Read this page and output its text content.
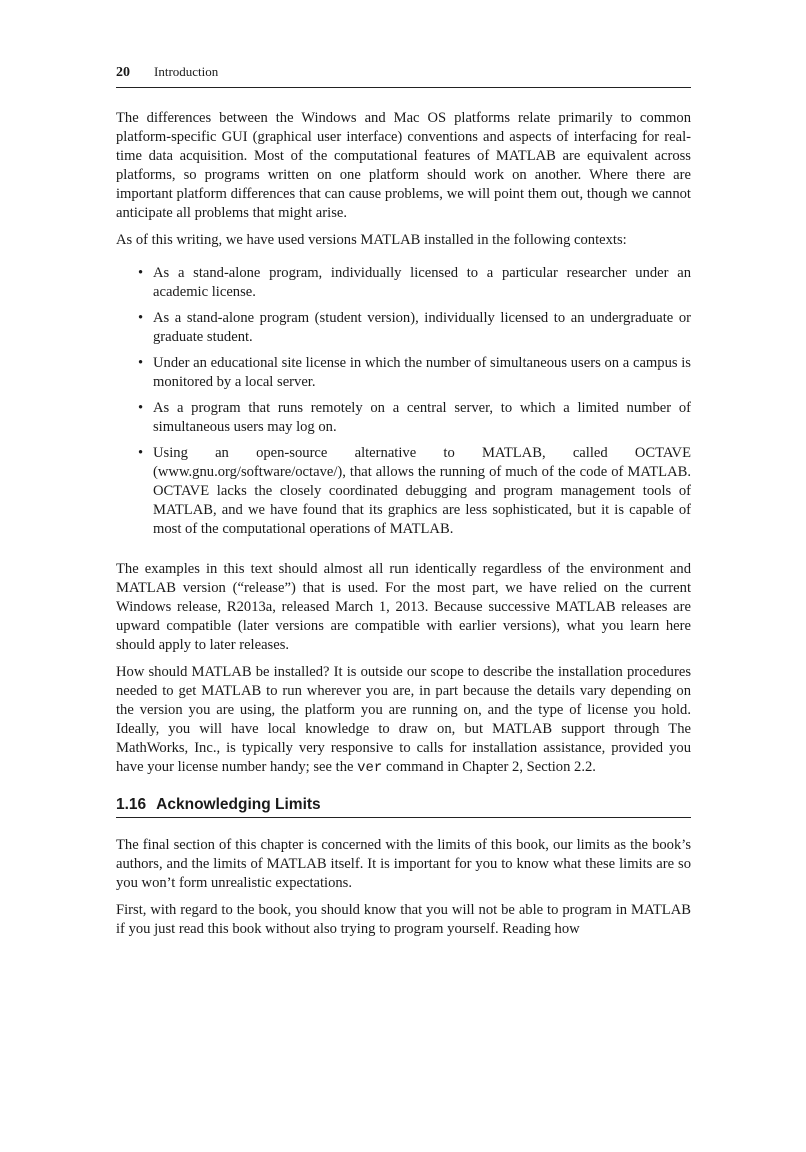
20 Introduction

The differences between the Windows and Mac OS platforms relate primarily to common platform-specific GUI (graphical user interface) conventions and aspects of interfacing for real-time data acquisition. Most of the computational features of MATLAB are equivalent across platforms, so programs written on one platform should work on another. Where there are important platform differences that can cause problems, we will point them out, though we cannot anticipate all problems that might arise.

As of this writing, we have used versions MATLAB installed in the following contexts:

• As a stand-alone program, individually licensed to a particular researcher under an academic license.
• As a stand-alone program (student version), individually licensed to an undergraduate or graduate student.
• Under an educational site license in which the number of simultaneous users on a campus is monitored by a local server.
• As a program that runs remotely on a central server, to which a limited number of simultaneous users may log on.
• Using an open-source alternative to MATLAB, called OCTAVE (www.gnu.org/software/octave/), that allows the running of much of the code of MATLAB. OCTAVE lacks the closely coordinated debugging and program management tools of MATLAB, and we have found that its graphics are less sophisticated, but it is capable of most of the computational operations of MATLAB.

The examples in this text should almost all run identically regardless of the environment and MATLAB version (“release”) that is used. For the most part, we have relied on the current Windows release, R2013a, released March 1, 2013. Because successive MATLAB releases are upward compatible (later versions are compatible with earlier versions), what you learn here should apply to later releases.

How should MATLAB be installed? It is outside our scope to describe the installation procedures needed to get MATLAB to run wherever you are, in part because the details vary depending on the version you are using, the platform you are running on, and the type of license you hold. Ideally, you will have local knowledge to draw on, but MATLAB support through The MathWorks, Inc., is typically very responsive to calls for installation assistance, provided you have your license number handy; see the ver command in Chapter 2, Section 2.2.

1.16 Acknowledging Limits

The final section of this chapter is concerned with the limits of this book, our limits as the book’s authors, and the limits of MATLAB itself. It is important for you to know what these limits are so you won’t form unrealistic expectations.

First, with regard to the book, you should know that you will not be able to program in MATLAB if you just read this book without also trying to program yourself. Reading how
